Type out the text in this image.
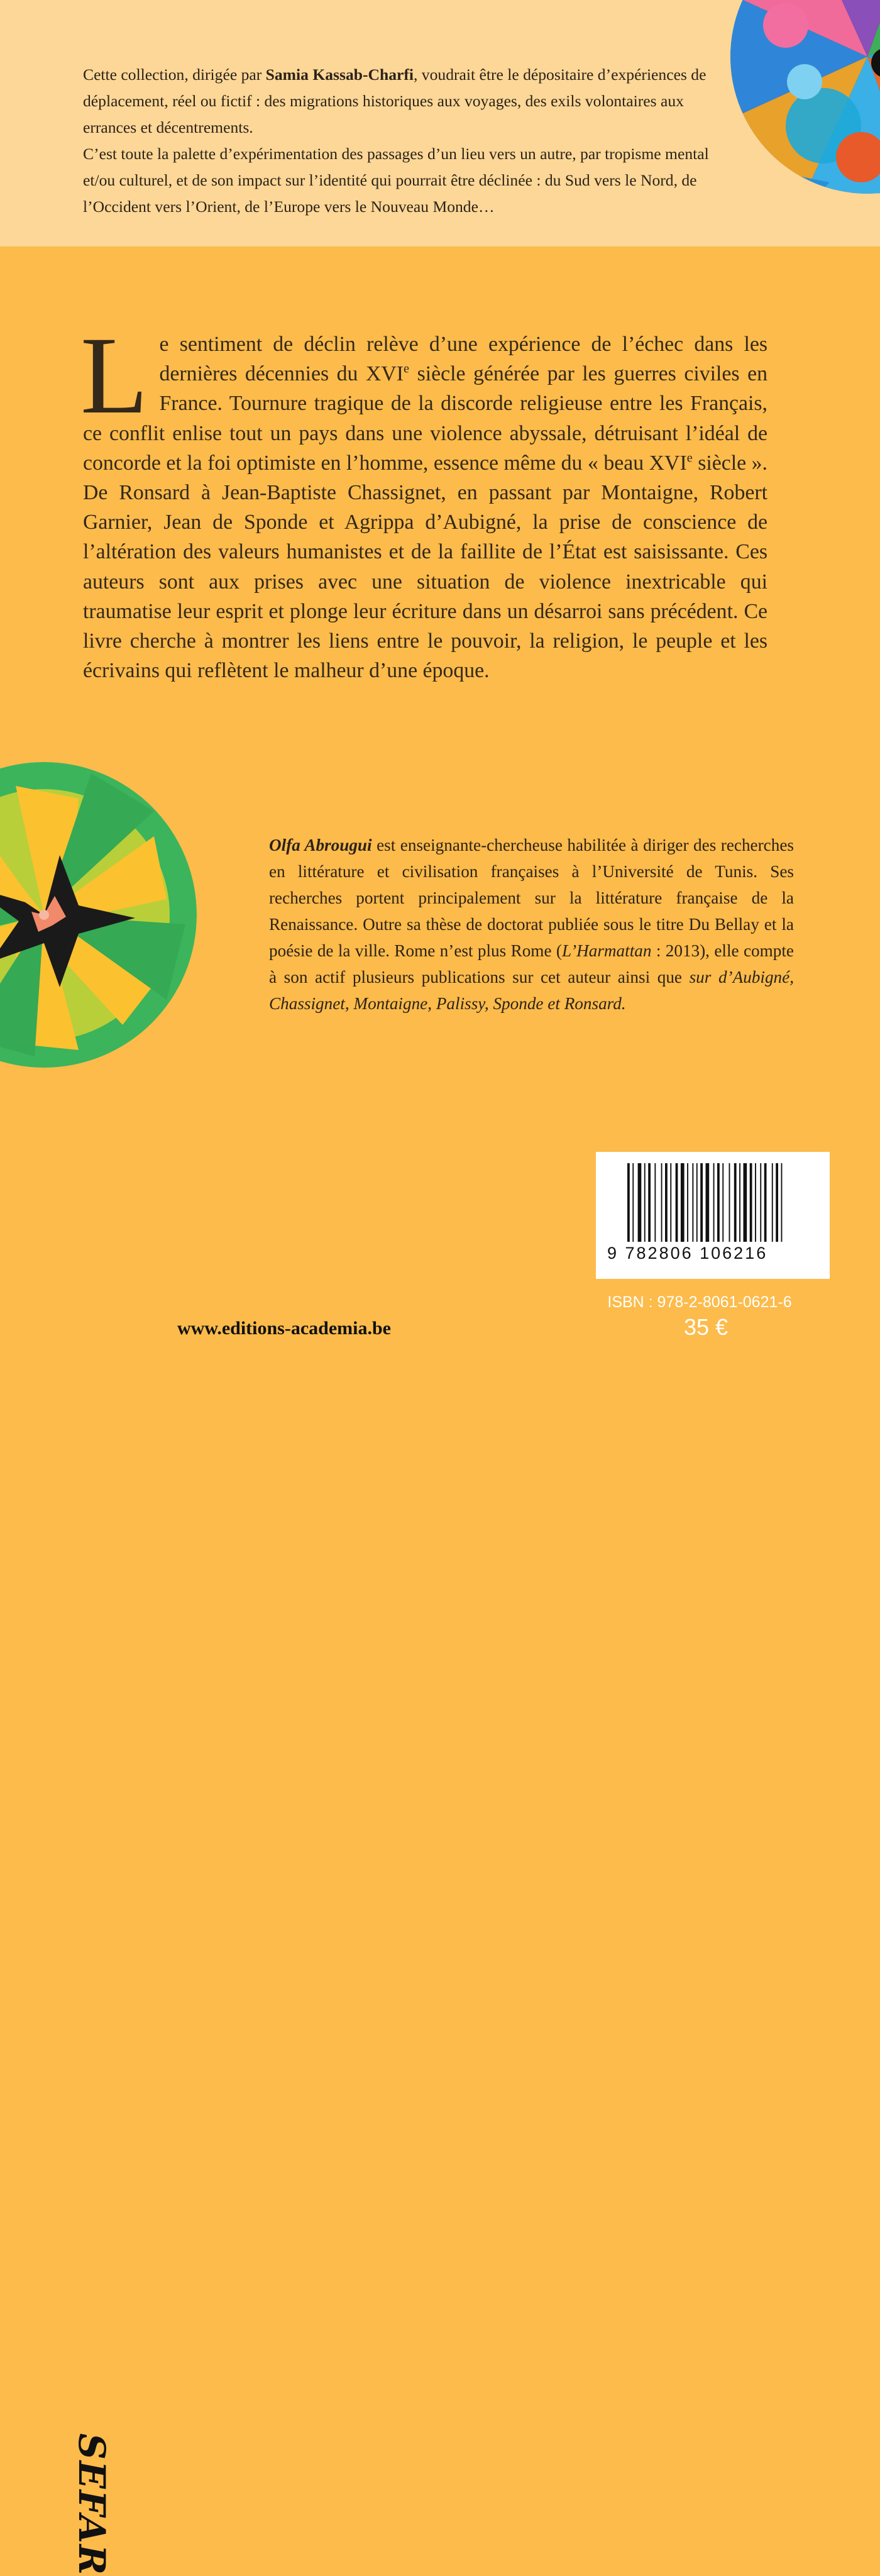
Cette collection, dirigée par Samia Kassab-Charfi, voudrait être le dépositaire d’expériences de déplacement, réel ou fictif : des migrations historiques aux voyages, des exils volontaires aux errances et décentrements.

C’est toute la palette d’expérimentation des passages d’un lieu vers un autre, par tropisme mental et/ou culturel, et de son impact sur l’identité qui pourrait être déclinée : du Sud vers le Nord, de l’Occident vers l’Orient, de l’Europe vers le Nouveau Monde…

Le sentiment de déclin relève d’une expérience de l’échec dans les dernières décennies du XVIe siècle générée par les guerres civiles en France. Tournure tragique de la discorde religieuse entre les Français, ce conflit enlise tout un pays dans une violence abyssale, détruisant l’idéal de concorde et la foi optimiste en l’homme, essence même du « beau XVIe siècle ». De Ronsard à Jean-Baptiste Chassignet, en passant par Montaigne, Robert Garnier, Jean de Sponde et Agrippa d’Aubigné, la prise de conscience de l’altération des valeurs humanistes et de la faillite de l’État est saisissante. Ces auteurs sont aux prises avec une situation de violence inextricable qui traumatise leur esprit et plonge leur écriture dans un désarroi sans précédent. Ce livre cherche à montrer les liens entre le pouvoir, la religion, le peuple et les écrivains qui reflètent le malheur d’une époque.
Olfa Abrougui est enseignante-chercheuse habilitée à diriger des recherches en littérature et civilisation françaises à l’Université de Tunis. Ses recherches portent principalement sur la littérature française de la Renaissance. Outre sa thèse de doctorat publiée sous le titre Du Bellay et la poésie de la ville. Rome n’est plus Rome (L’Harmattan : 2013), elle compte à son actif plusieurs publications sur cet auteur ainsi que sur d’Aubigné, Chassignet, Montaigne, Palissy, Sponde et Ronsard.

SEFAR

www.editions-academia.be

9 782806 106216

ISBN : 978-2-8061-0621-6

35 €
